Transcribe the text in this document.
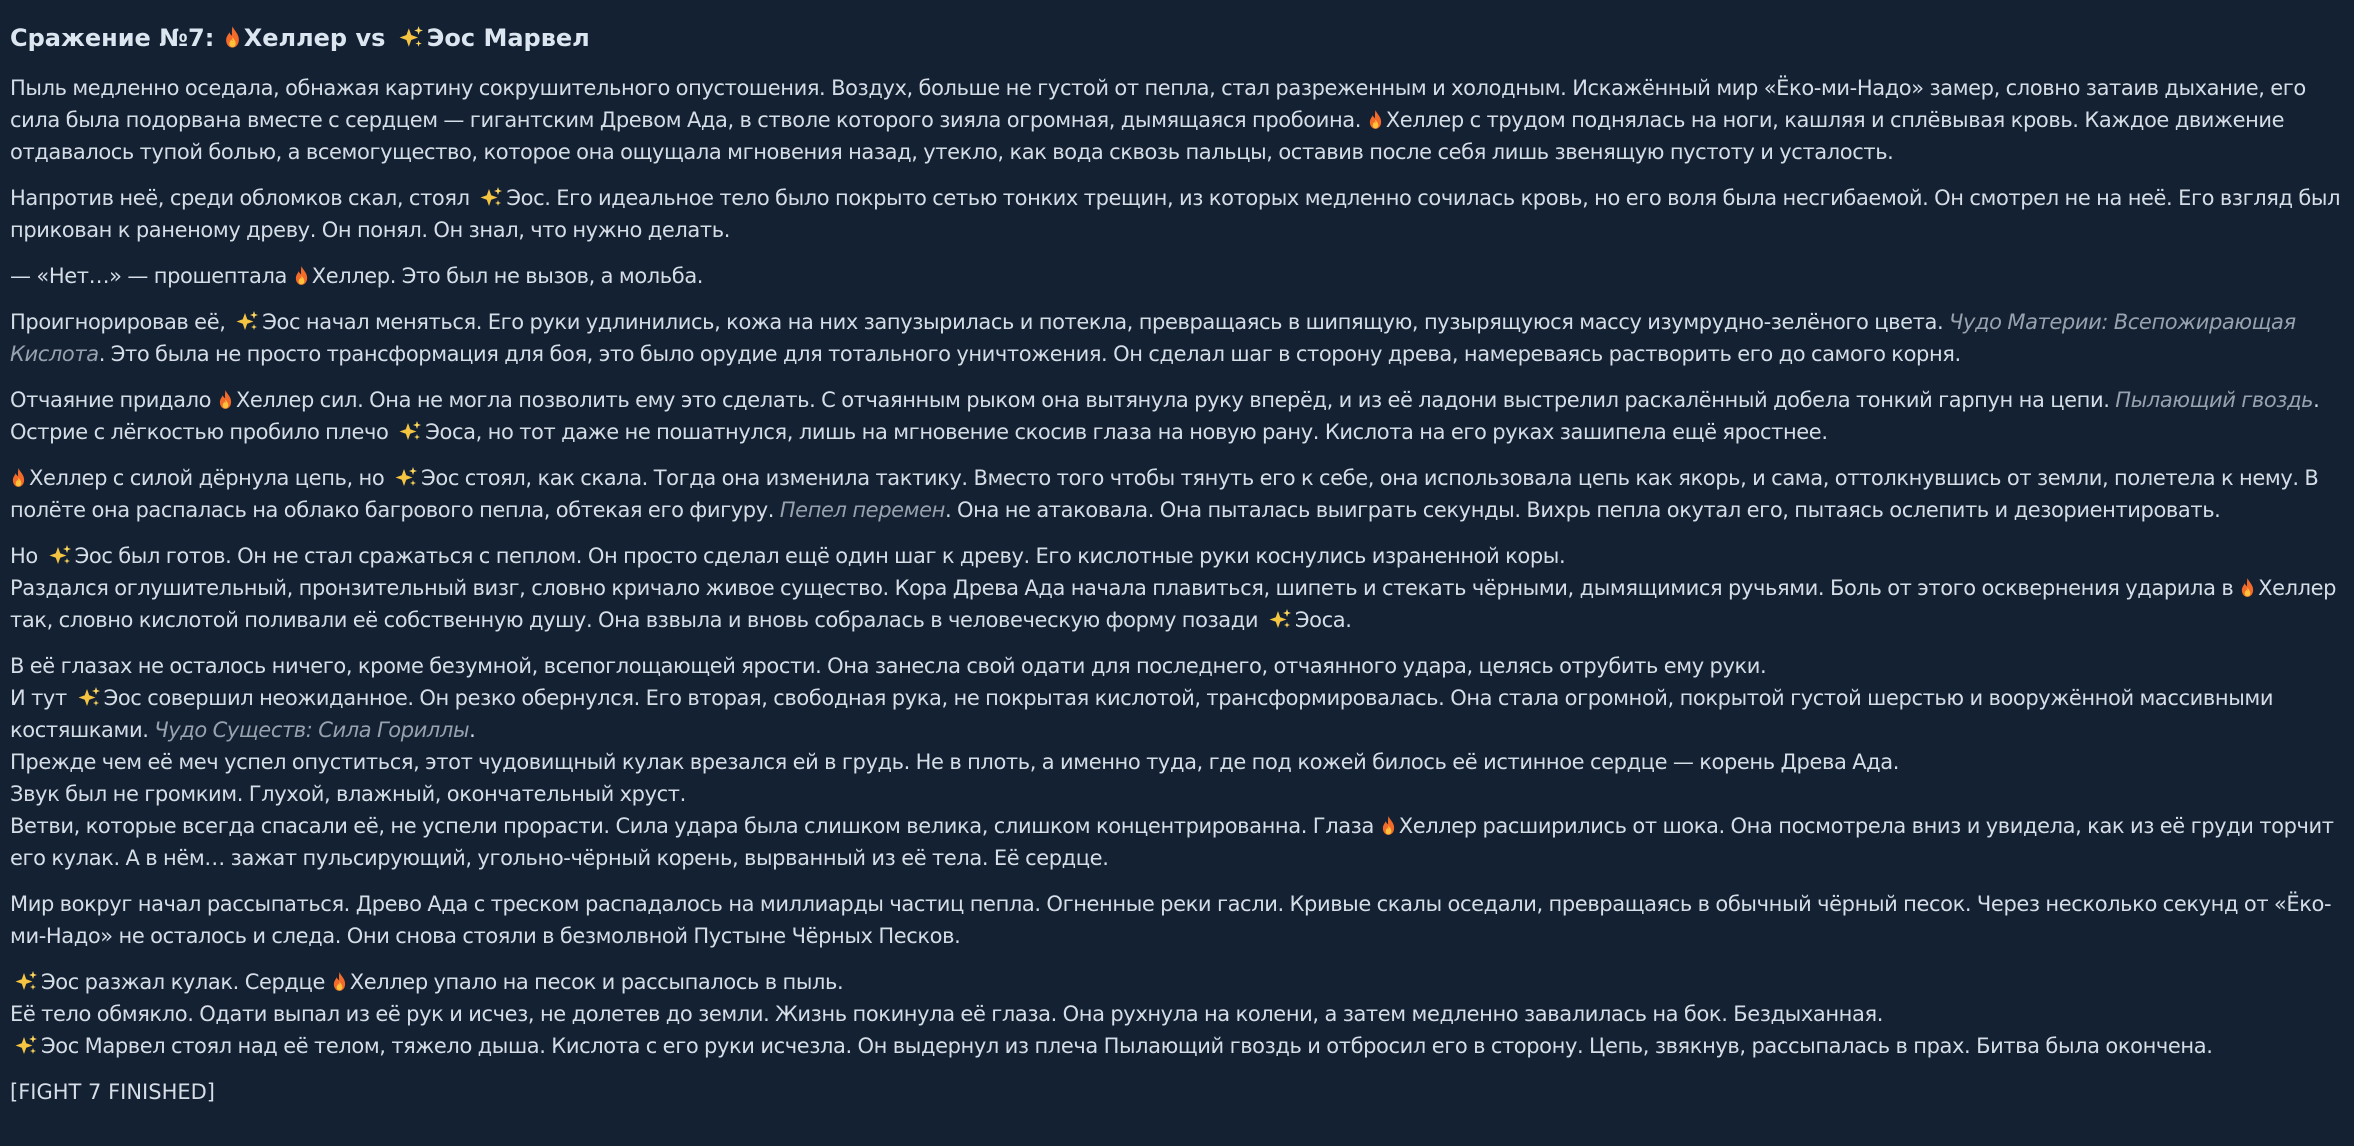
Сражение №7: Хеллер vs Эос Марвел

Пыль медленно оседала, обнажая картину сокрушительного опустошения. Воздух, больше не густой от пепла, стал разреженным и холодным. Искажённый мир «Ёко-ми-Надо» замер, словно затаив дыхание, его сила была подорвана вместе с сердцем — гигантским Древом Ада, в стволе которого зияла огромная, дымящаяся пробоина. Хеллер с трудом поднялась на ноги, кашляя и сплёвывая кровь. Каждое движение отдавалось тупой болью, а всемогущество, которое она ощущала мгновения назад, утекло, как вода сквозь пальцы, оставив после себя лишь звенящую пустоту и усталость.

Напротив неё, среди обломков скал, стоял Эос. Его идеальное тело было покрыто сетью тонких трещин, из которых медленно сочилась кровь, но его воля была несгибаемой. Он смотрел не на неё. Его взгляд был прикован к раненому древу. Он понял. Он знал, что нужно делать.

— «Нет…» — прошептала Хеллер. Это был не вызов, а мольба.

Проигнорировав её, Эос начал меняться. Его руки удлинились, кожа на них запузырилась и потекла, превращаясь в шипящую, пузырящуюся массу изумрудно-зелёного цвета. Чудо Материи: Всепожирающая Кислота. Это была не просто трансформация для боя, это было орудие для тотального уничтожения. Он сделал шаг в сторону древа, намереваясь растворить его до самого корня.

Отчаяние придало Хеллер сил. Она не могла позволить ему это сделать. С отчаянным рыком она вытянула руку вперёд, и из её ладони выстрелил раскалённый добела тонкий гарпун на цепи. Пылающий гвоздь. Острие с лёгкостью пробило плечо Эоса, но тот даже не пошатнулся, лишь на мгновение скосив глаза на новую рану. Кислота на его руках зашипела ещё яростнее.

Хеллер с силой дёрнула цепь, но Эос стоял, как скала. Тогда она изменила тактику. Вместо того чтобы тянуть его к себе, она использовала цепь как якорь, и сама, оттолкнувшись от земли, полетела к нему. В полёте она распалась на облако багрового пепла, обтекая его фигуру. Пепел перемен. Она не атаковала. Она пыталась выиграть секунды. Вихрь пепла окутал его, пытаясь ослепить и дезориентировать.

Но Эос был готов. Он не стал сражаться с пеплом. Он просто сделал ещё один шаг к древу. Его кислотные руки коснулись израненной коры.
Раздался оглушительный, пронзительный визг, словно кричало живое существо. Кора Древа Ада начала плавиться, шипеть и стекать чёрными, дымящимися ручьями. Боль от этого осквернения ударила в Хеллер так, словно кислотой поливали её собственную душу. Она взвыла и вновь собралась в человеческую форму позади Эоса.

В её глазах не осталось ничего, кроме безумной, всепоглощающей ярости. Она занесла свой одати для последнего, отчаянного удара, целясь отрубить ему руки.
И тут Эос совершил неожиданное. Он резко обернулся. Его вторая, свободная рука, не покрытая кислотой, трансформировалась. Она стала огромной, покрытой густой шерстью и вооружённой массивными костяшками. Чудо Существ: Сила Гориллы.
Прежде чем её меч успел опуститься, этот чудовищный кулак врезался ей в грудь. Не в плоть, а именно туда, где под кожей билось её истинное сердце — корень Древа Ада.
Звук был не громким. Глухой, влажный, окончательный хруст.
Ветви, которые всегда спасали её, не успели прорасти. Сила удара была слишком велика, слишком концентрированна. Глаза Хеллер расширились от шока. Она посмотрела вниз и увидела, как из её груди торчит его кулак. А в нём… зажат пульсирующий, угольно-чёрный корень, вырванный из её тела. Её сердце.

Мир вокруг начал рассыпаться. Древо Ада с треском распадалось на миллиарды частиц пепла. Огненные реки гасли. Кривые скалы оседали, превращаясь в обычный чёрный песок. Через несколько секунд от «Ёко-ми-Надо» не осталось и следа. Они снова стояли в безмолвной Пустыне Чёрных Песков.

Эос разжал кулак. Сердце Хеллер упало на песок и рассыпалось в пыль.
Её тело обмякло. Одати выпал из её рук и исчез, не долетев до земли. Жизнь покинула её глаза. Она рухнула на колени, а затем медленно завалилась на бок. Бездыханная.
Эос Марвел стоял над её телом, тяжело дыша. Кислота с его руки исчезла. Он выдернул из плеча Пылающий гвоздь и отбросил его в сторону. Цепь, звякнув, рассыпалась в прах. Битва была окончена.

[FIGHT 7 FINISHED]
